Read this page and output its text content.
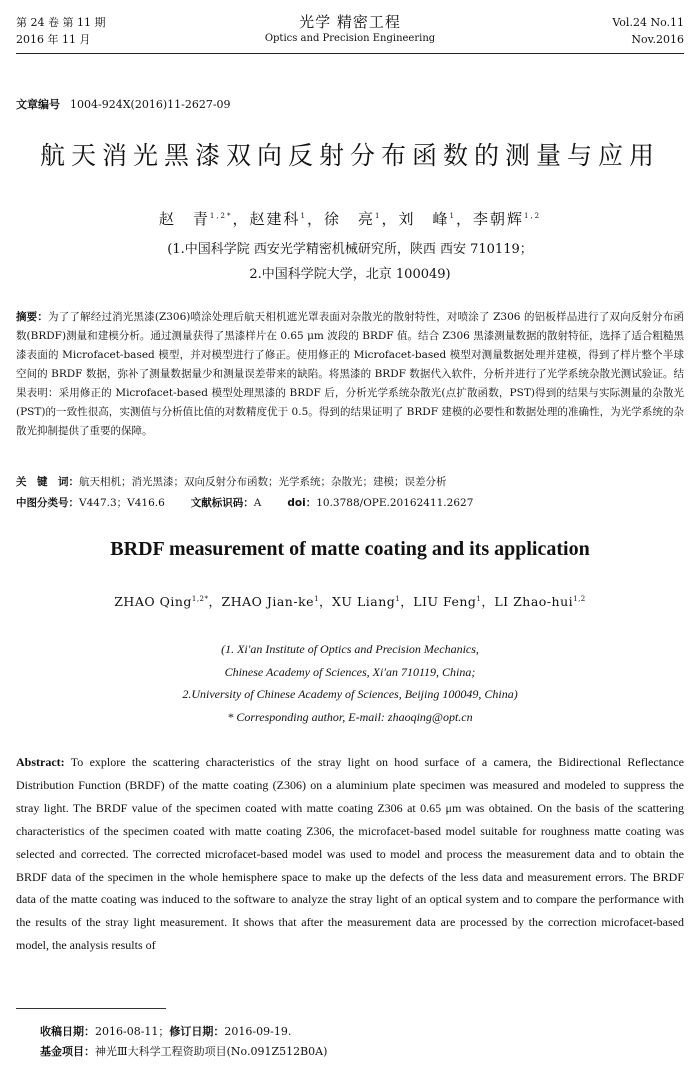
第 24 卷 第 11 期
2016 年 11 月
光学 精密工程
Optics and Precision Engineering
Vol.24 No.11
Nov.2016
文章编号 1004-924X(2016)11-2627-09
航天消光黑漆双向反射分布函数的测量与应用
赵　青$^{1,2*}$，赵建科$^1$，徐　亮$^1$，刘　峰$^1$，李朝辉$^{1,2}$
(1.中国科学院 西安光学精密机械研究所，陕西 西安 710119；
2.中国科学院大学，北京 100049)

摘要：为了了解经过消光黑漆(Z306)喷涂处理后航天相机遮光罩表面对杂散光的散射特性，对喷涂了 Z306 的铝板样品进行了双向反射分布函数(BRDF)测量和建模分析。通过测量获得了黑漆样片在 0.65 μm 波段的 BRDF 值。结合 Z306 黑漆测量数据的散射特征，选择了适合粗糙黑漆表面的 Microfacet-based 模型，并对模型进行了修正。使用修正的 Microfacet-based 模型对测量数据处理并建模，得到了样片整个半球空间的 BRDF 数据，弥补了测量数据量少和测量误差带来的缺陷。将黑漆的 BRDF 数据代入软件，分析并进行了光学系统杂散光测试验证。结果表明：采用修正的 Microfacet-based 模型处理黑漆的 BRDF 后，分析光学系统杂散光(点扩散函数，PST)得到的结果与实际测量的杂散光(PST)的一致性很高，实测值与分析值比值的对数精度优于 0.5。得到的结果证明了 BRDF 建模的必要性和数据处理的准确性，为光学系统的杂散光抑制提供了重要的保障。

关　键　词：航天相机；消光黑漆；双向反射分布函数；光学系统；杂散光；建模；误差分析
中图分类号：V447.3；V416.6 文献标识码：A doi：10.3788/OPE.20162411.2627
BRDF measurement of matte coating and its application
ZHAO Qing$^{1,2*}$，ZHAO Jian-$ke^1$，XU Liang$^1$，LIU Feng$^1$，LI Zhao-hui$^{1,2}$
(1. Xi′an Institute of Optics and Precision Mechanics,
Chinese Academy of Sciences, Xi′an 710119, China;
2.University of Chinese Academy of Sciences, Beijing 100049, China)
* Corresponding author, E-mail: zhaoqing@opt.cn

Abstract: To explore the scattering characteristics of the stray light on hood surface of a camera, the Bidirectional Reflectance Distribution Function (BRDF) of the matte coating (Z306) on a aluminium plate specimen was measured and modeled to suppress the stray light. The BRDF value of the specimen coated with matte coating Z306 at 0.65 μm was obtained. On the basis of the scattering characteristics of the specimen coated with matte coating Z306, the microfacet-based model suitable for roughness matte coating was selected and corrected. The corrected microfacet-based model was used to model and process the measurement data and to obtain the BRDF data of the specimen in the whole hemisphere space to make up the defects of the less data and measurement errors. The BRDF data of the matte coating was induced to the software to analyze the stray light of an optical system and to compare the performance with the results of the stray light measurement. It shows that after the measurement data are processed by the correction microfacet-based model, the analysis results of

收稿日期：2016-08-11；修订日期：2016-09-19.
基金项目：神光Ⅲ大科学工程资助项目(No.091Z512B0A)
